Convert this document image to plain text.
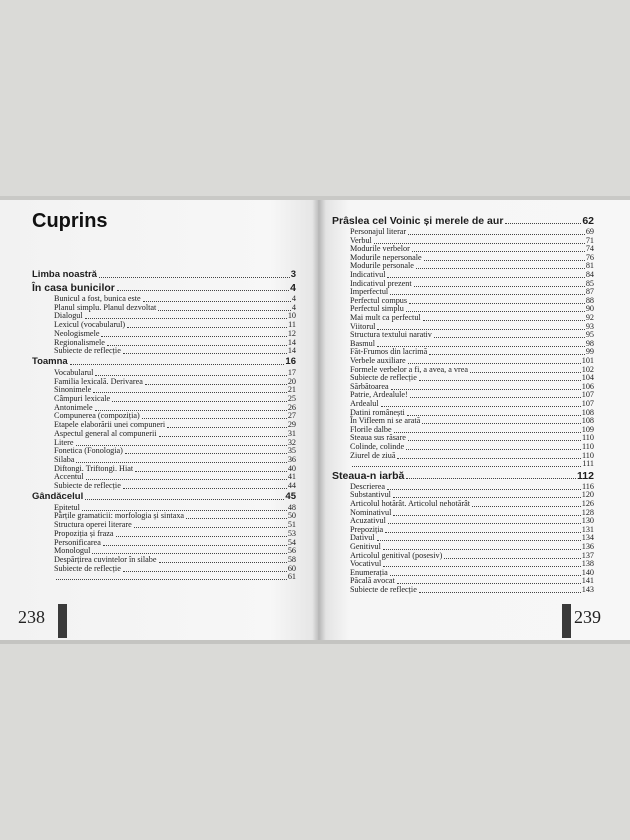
Cuprins
Limba noastră	3
În casa bunicilor	4
Bunicul a fost, bunica este	4
Planul simplu. Planul dezvoltat	4
Dialogul	10
Lexicul (vocabularul)	11
Neologismele	12
Regionalismele	14
Subiecte de reflecție	14
Toamna	16
Vocabularul	17
Familia lexicală. Derivarea	20
Sinonimele	21
Câmpuri lexicale	25
Antonimele	26
Compunerea (compoziția)	27
Etapele elaborării unei compuneri	29
Aspectul general al compunerii	31
Litere	32
Fonetica (Fonologia)	35
Silaba	36
Diftongi. Triftongi. Hiat	40
Accentul	41
Subiecte de reflecție	44
Gândăcelul	45
Epitetul	48
Părțile gramaticii: morfologia și sintaxa	50
Structura operei literare	51
Propoziția și fraza	53
Personificarea	54
Monologul	56
Despărțirea cuvintelor în silabe	58
Subiecte de reflecție	60
61
238
Prâslea cel Voinic și merele de aur	62
Personajul literar	69
Verbul	71
Modurile verbelor	74
Modurile nepersonale	76
Modurile personale	81
Indicativul	84
Indicativul prezent	85
Imperfectul	87
Perfectul compus	88
Perfectul simplu	90
Mai mult ca perfectul	92
Viitorul	93
Structura textului narativ	95
Basmul	98
Făt-Frumos din lacrimă	99
Verbele auxiliare	101
Formele verbelor a fi, a avea, a vrea	102
Subiecte de reflecție	104
Sărbătoarea	106
Patrie, Ardealule!	107
Ardealul	107
Datini românești	108
În Vifleem ni se arată	108
Florile dalbe	109
Steaua sus răsare	110
Colinde, colinde	110
Ziurel de ziuă	110
111
Steaua-n iarbă	112
Descrierea	116
Substantivul	120
Articolul hotărât. Articolul nehotărât	126
Nominativul	128
Acuzativul	130
Prepoziția	131
Dativul	134
Genitivul	136
Articolul genitival (posesiv)	137
Vocativul	138
Enumerația	140
Păcală avocat	141
Subiecte de reflecție	143
239
